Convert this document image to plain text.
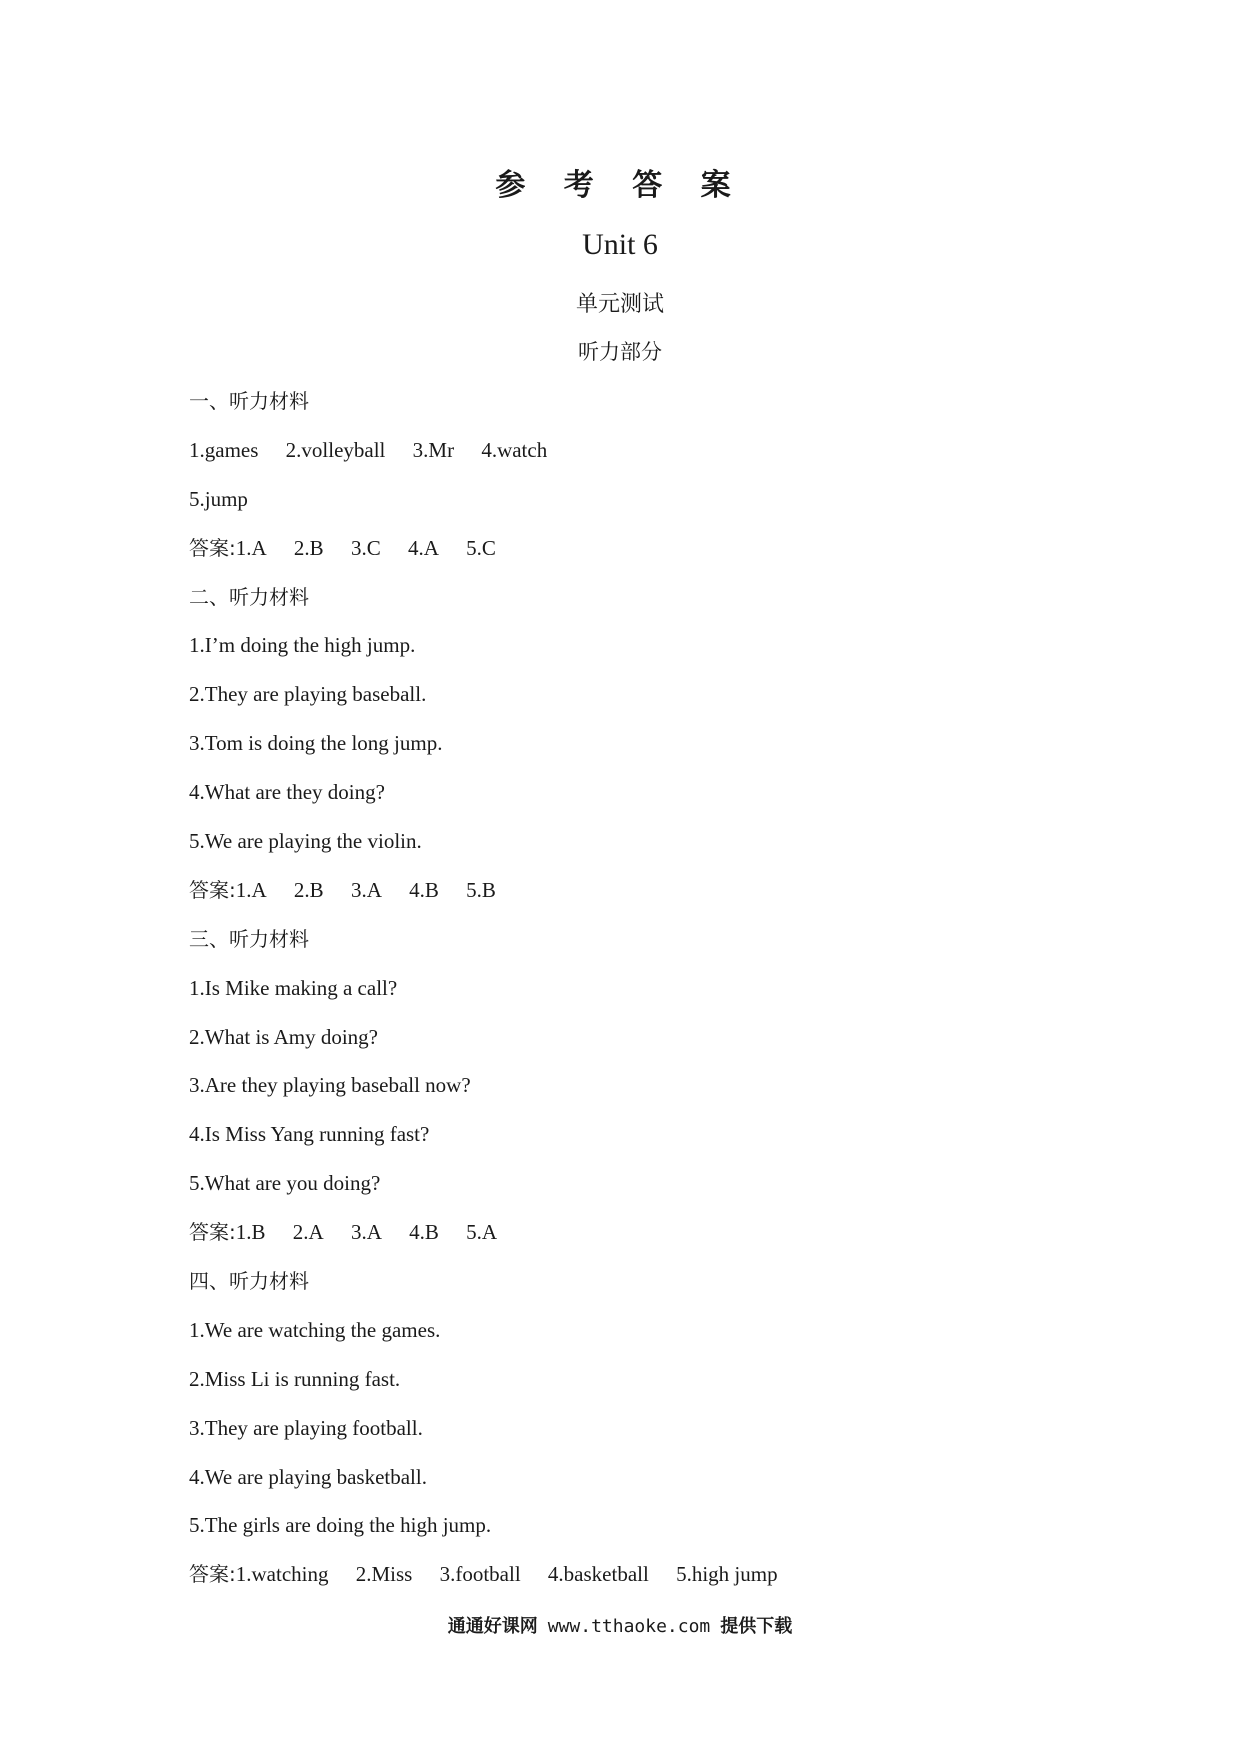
参 考 答 案
Unit 6
单元测试
听力部分
一、听力材料
1.games 2.volleyball 3.Mr 4.watch
5.jump
答案:1.A 2.B 3.C 4.A 5.C
二、听力材料
1.I’m doing the high jump.
2.They are playing baseball.
3.Tom is doing the long jump.
4.What are they doing?
5.We are playing the violin.
答案:1.A 2.B 3.A 4.B 5.B
三、听力材料
1.Is Mike making a call?
2.What is Amy doing?
3.Are they playing baseball now?
4.Is Miss Yang running fast?
5.What are you doing?
答案:1.B 2.A 3.A 4.B 5.A
四、听力材料
1.We are watching the games.
2.Miss Li is running fast.
3.They are playing football.
4.We are playing basketball.
5.The girls are doing the high jump.
答案:1.watching 2.Miss 3.football 4.basketball 5.high jump
通通好课网 www.tthaoke.com 提供下载
